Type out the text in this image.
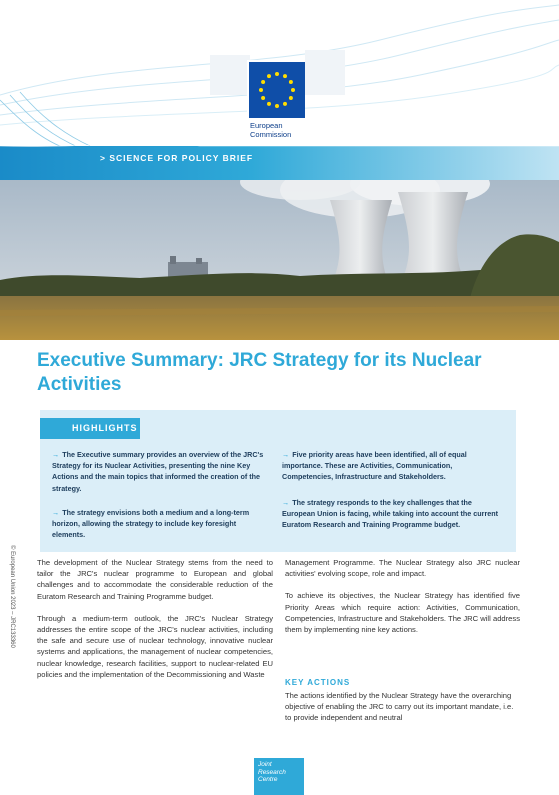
> SCIENCE FOR POLICY BRIEF
European
Commission
Executive Summary: JRC Strategy for its Nuclear Activities
HIGHLIGHTS
→ The Executive summary provides an overview of the JRC's Strategy for its Nuclear Activities, presenting the nine Key Actions and the main topics that informed the creation of the strategy.
→ The strategy envisions both a medium and a long-term horizon, allowing the strategy to include key foresight elements.
→ Five priority areas have been identified, all of equal importance. These are Activities, Communication, Competencies, Infrastructure and Stakeholders.
→ The strategy responds to the key challenges that the European Union is facing, while taking into account the current Euratom Research and Training Programme budget.
© European Union 2023 – JRC133360	The development of the Nuclear Strategy stems from the need to tailor the JRC's nuclear programme to European and global challenges and to accommodate the considerable reduction of the Euratom Research and Training Programme budget.

Through a medium-term outlook, the JRC's Nuclear Strategy addresses the entire scope of the JRC's nuclear activities, including the safe and secure use of nuclear technology, innovative nuclear systems and applications, the management of nuclear competencies, nuclear knowledge, research facilities, support to nuclear-related EU policies and the implementation of the Decommissioning and Waste

Management Programme. The Nuclear Strategy also JRC nuclear activities' evolving scope, role and impact.

To achieve its objectives, the Nuclear Strategy has identified five Priority Areas which require action: Activities, Communication, Competencies, Infrastructure and Stakeholders. The JRC will address them by implementing nine key actions.

KEY ACTIONS

The actions identified by the Nuclear Strategy have the overarching objective of enabling the JRC to carry out its important mandate, i.e. to provide independent and neutral

Joint
Research
Centre
